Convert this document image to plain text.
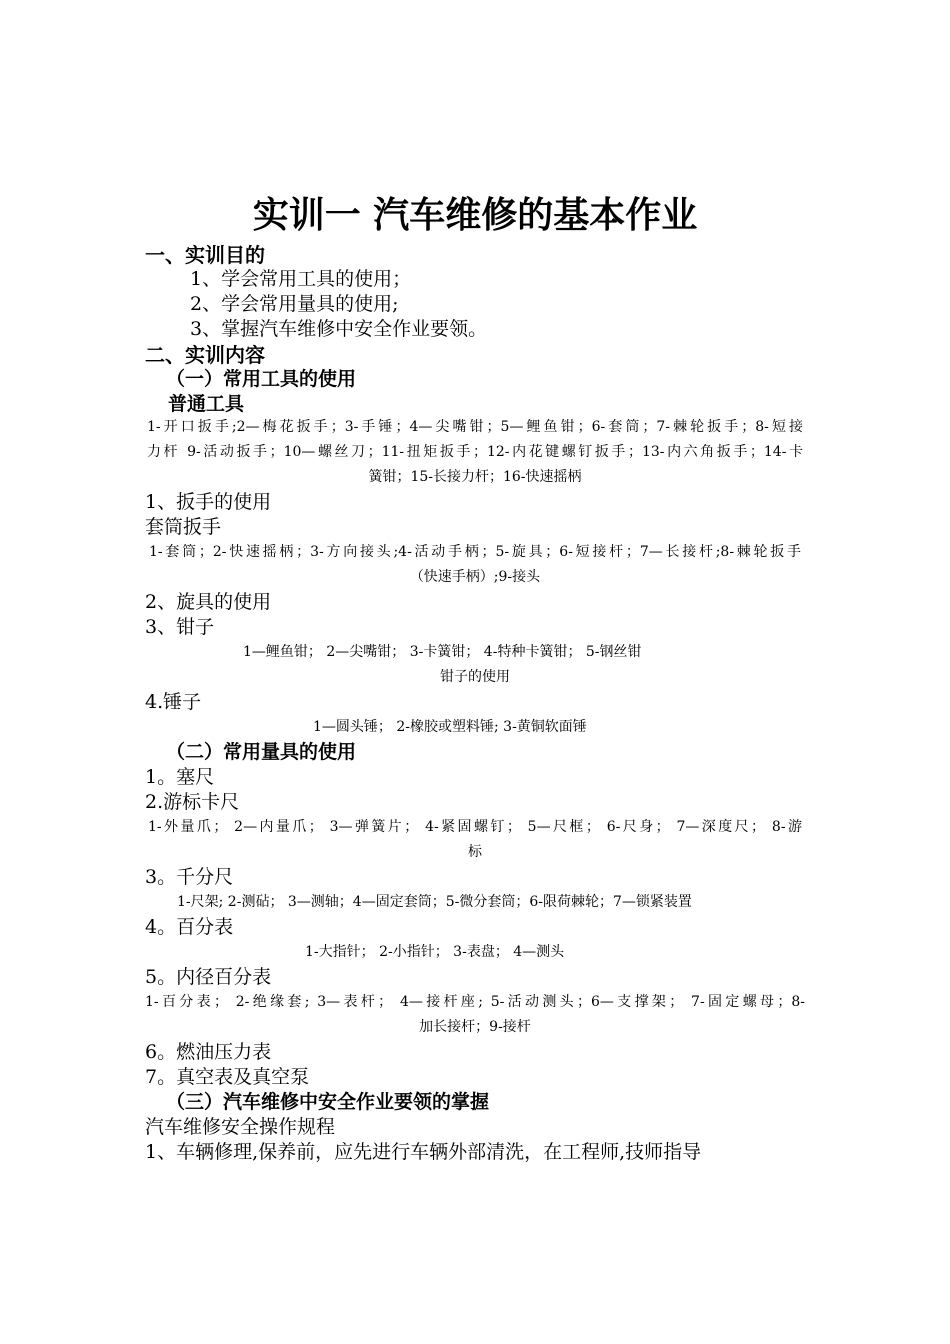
实训一 汽车维修的基本作业
一、实训目的
1、学会常用工具的使用；
2、学会常用量具的使用;
3、掌握汽车维修中安全作业要领。
二、实训内容
（一）常用工具的使用
普通工具
1-开口扳手;2—梅花扳手；3-手锤；4—尖嘴钳；5—鲤鱼钳；6-套筒；7-棘轮扳手；8-短接
力杆 9-活动扳手；10—螺丝刀；11-扭矩扳手；12-内花键螺钉扳手；13-内六角扳手；14-卡
簧钳；15-长接力杆；16-快速摇柄
1、扳手的使用
套筒扳手
1-套筒；2-快速摇柄；3-方向接头;4-活动手柄；5-旋具；6-短接杆；7—长接杆;8-棘轮扳手
（快速手柄）;9-接头
2、旋具的使用
3、钳子
1—鲤鱼钳； 2—尖嘴钳； 3-卡簧钳； 4-特种卡簧钳； 5-钢丝钳
钳子的使用
4.锤子
1—圆头锤； 2-橡胶或塑料锤; 3-黄铜软面锤
（二）常用量具的使用
1。塞尺
2.游标卡尺
1-外量爪； 2—内量爪； 3—弹簧片； 4-紧固螺钉； 5—尺框； 6-尺身； 7—深度尺； 8-游
标
3。千分尺
1-尺架; 2-测砧； 3—测轴；4—固定套筒；5-微分套筒；6-限荷棘轮；7—锁紧装置
4。百分表
1-大指针； 2-小指针； 3-表盘； 4—测头
5。内径百分表
1-百分表； 2-绝缘套; 3—表杆； 4—接杆座; 5-活动测头；6—支撑架； 7-固定螺母；8-
加长接杆；9-接杆
6。燃油压力表
7。真空表及真空泵
（三）汽车维修中安全作业要领的掌握
汽车维修安全操作规程
1、车辆修理,保养前，应先进行车辆外部清洗，在工程师,技师指导
